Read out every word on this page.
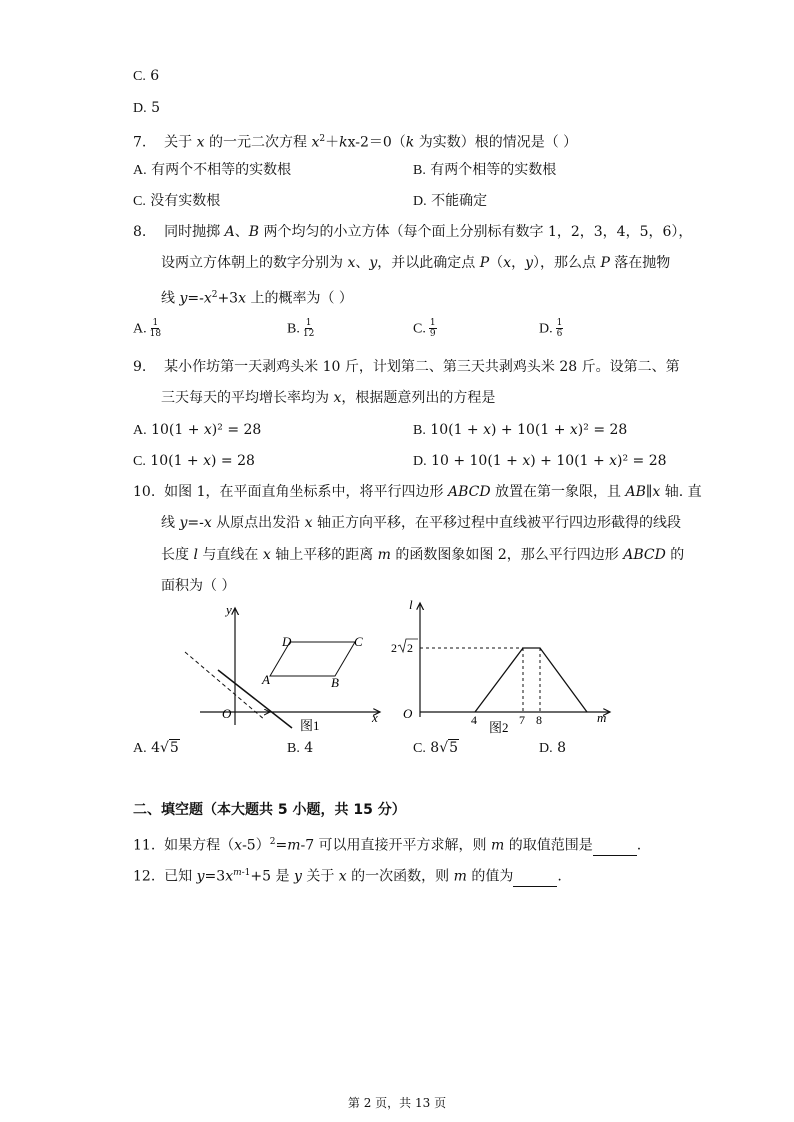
C. 6
D. 5
7. 关于 x 的一元二次方程 $x^2+kx-2=0(k$ 为实数）根的情况是（ ）
A. 有两个不相等的实数根	B. 有两个相等的实数根
C. 没有实数根	D. 不能确定
8. 同时抛掷 A、B 两个均匀的小立方体（每个面上分别标有数字 1，2，3，4，5，6），
设两立方体朝上的数字分别为 x、y，并以此确定点 P（x，y），那么点 P 落在抛物
线 $y=-x^2+3x$ 上的概率为（ ）
A. $\frac{1}{18}$	B. $\frac{1}{12}$	C. $\frac{1}{9}$	D. $\frac{1}{6}$
9. 某小作坊第一天剥鸡头米 10 斤，计划第二、第三天共剥鸡头米 28 斤。设第二、第
三天每天的平均增长率均为 x，根据题意列出的方程是
A. 10(1 + 𝑥)² = 28	B. 10(1 + 𝑥) + 10(1 + 𝑥)² = 28
C. 10(1 + 𝑥) = 28	D. 10 + 10(1 + 𝑥) + 10(1 + 𝑥)² = 28
10. 如图 1，在平面直角坐标系中，将平行四边形 ABCD 放置在第一象限，且 AB∥x 轴. 直
线 y=-x 从原点出发沿 x 轴正方向平移，在平移过程中直线被平行四边形截得的线段
长度 l 与直线在 x 轴上平移的距离 m 的函数图象如图 2，那么平行四边形 ABCD 的
面积为（ ）
y
x
O
A	B
C
D
图1
l
m
O
2 2
4	7 8
图2
A. 4√5	B. 4	C. 8√5	D. 8
二、填空题（本大题共 5 小题，共 15 分）
11. 如果方程$(x-5)^2=m-7$ 可以用直接开平方求解，则 m 的取值范围是	.
12. 已知 $y=3x^{m-1}+5$ 是 y 关于 x 的一次函数，则 m 的值为	.
第 2 页，共 13 页
